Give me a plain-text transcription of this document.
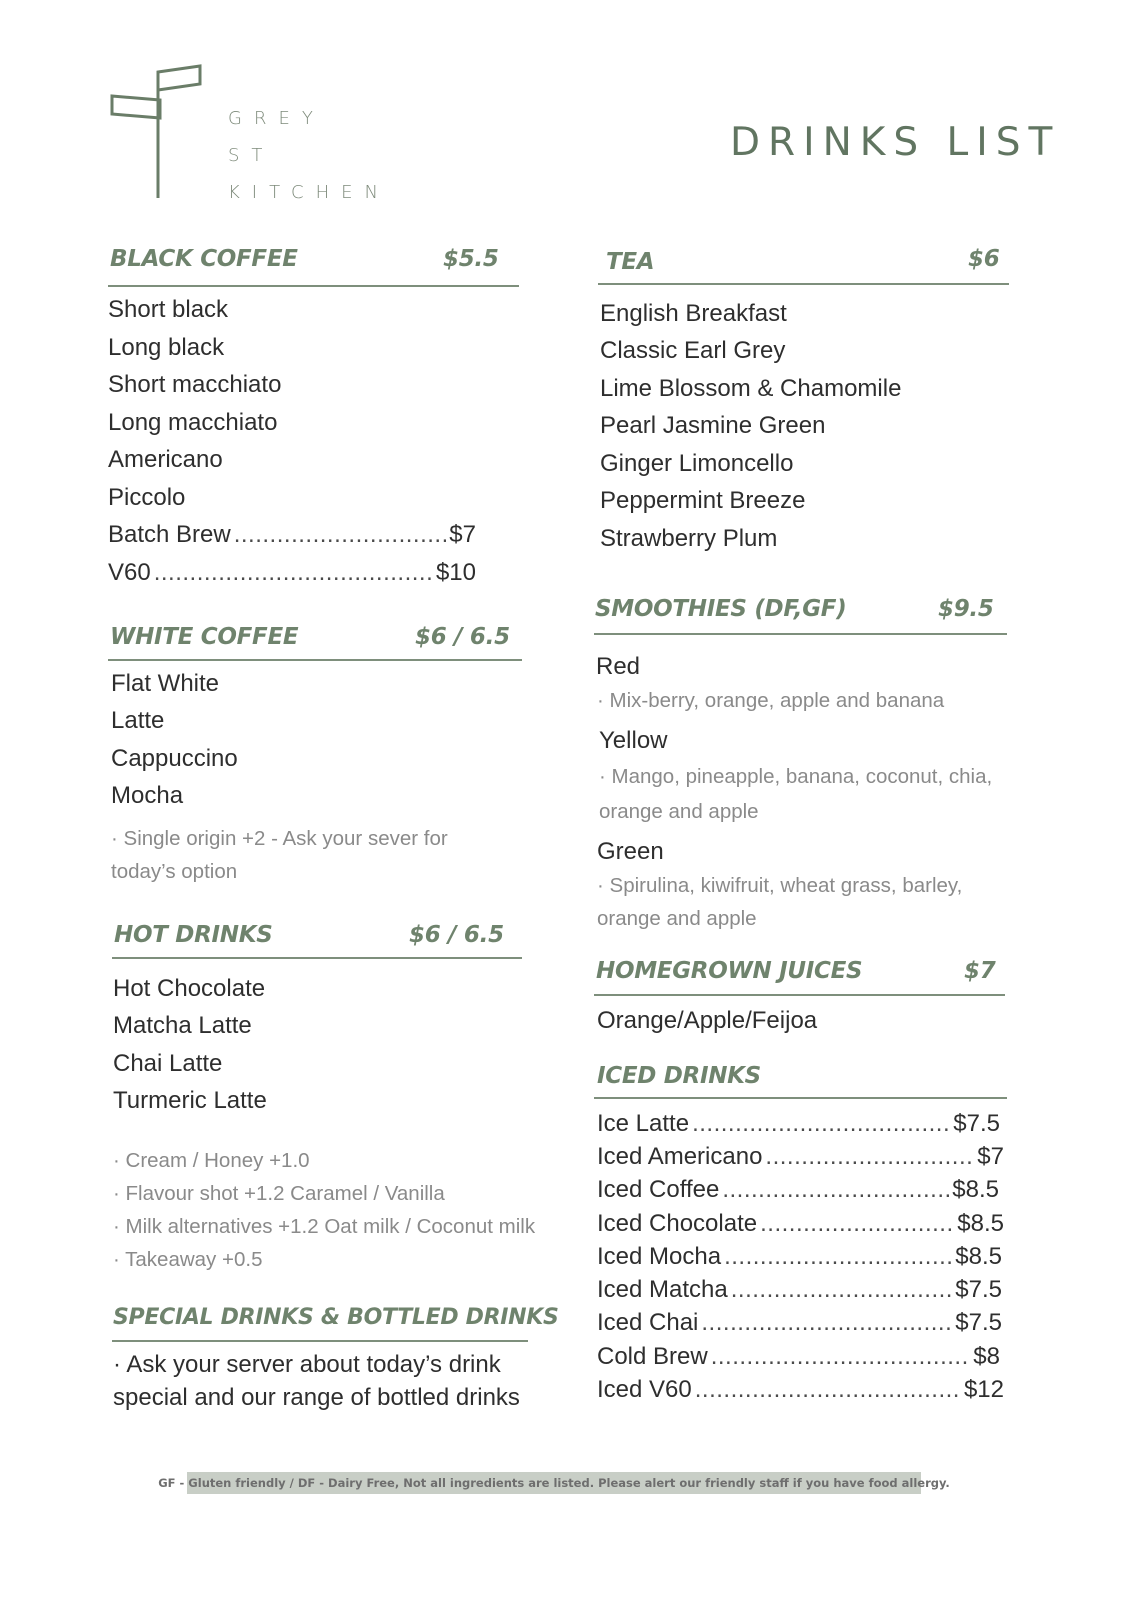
GREY
ST
KITCHEN
DRINKS LIST
BLACK COFFEE	$5.5
Short black
Long black
Short macchiato
Long macchiato
Americano
Piccolo
Batch Brew .....	$7
V60 .....	$10
WHITE COFFEE	$6 / 6.5
Flat White
Latte
Cappuccino
Mocha
· Single origin +2 - Ask your sever for
today’s option
HOT DRINKS	$6 / 6.5
Hot Chocolate
Matcha Latte
Chai Latte
Turmeric Latte
· Cream / Honey +1.0
· Flavour shot +1.2 Caramel / Vanilla
· Milk alternatives +1.2 Oat milk / Coconut milk
· Takeaway +0.5
SPECIAL DRINKS & BOTTLED DRINKS
· Ask your server about today’s drink
special and our range of bottled drinks
TEA	$6
English Breakfast
Classic Earl Grey
Lime Blossom & Chamomile
Pearl Jasmine Green
Ginger Limoncello
Peppermint Breeze
Strawberry Plum
SMOOTHIES (DF,GF)	$9.5
Red
· Mix-berry, orange, apple and banana
Yellow
· Mango, pineapple, banana, coconut, chia,
orange and apple
Green
· Spirulina, kiwifruit, wheat grass, barley,
orange and apple
HOMEGROWN JUICES	$7
Orange/Apple/Feijoa
ICED DRINKS
Ice Latte .....	$7.5
Iced Americano .....	$7
Iced Coffee .....	$8.5
Iced Chocolate .....	$8.5
Iced Mocha .....	$8.5
Iced Matcha .....	$7.5
Iced Chai .....	$7.5
Cold Brew .....	$8
Iced V60 .....	$12
GF - Gluten friendly / DF - Dairy Free, Not all ingredients are listed. Please alert our friendly staff if you have food allergy.
